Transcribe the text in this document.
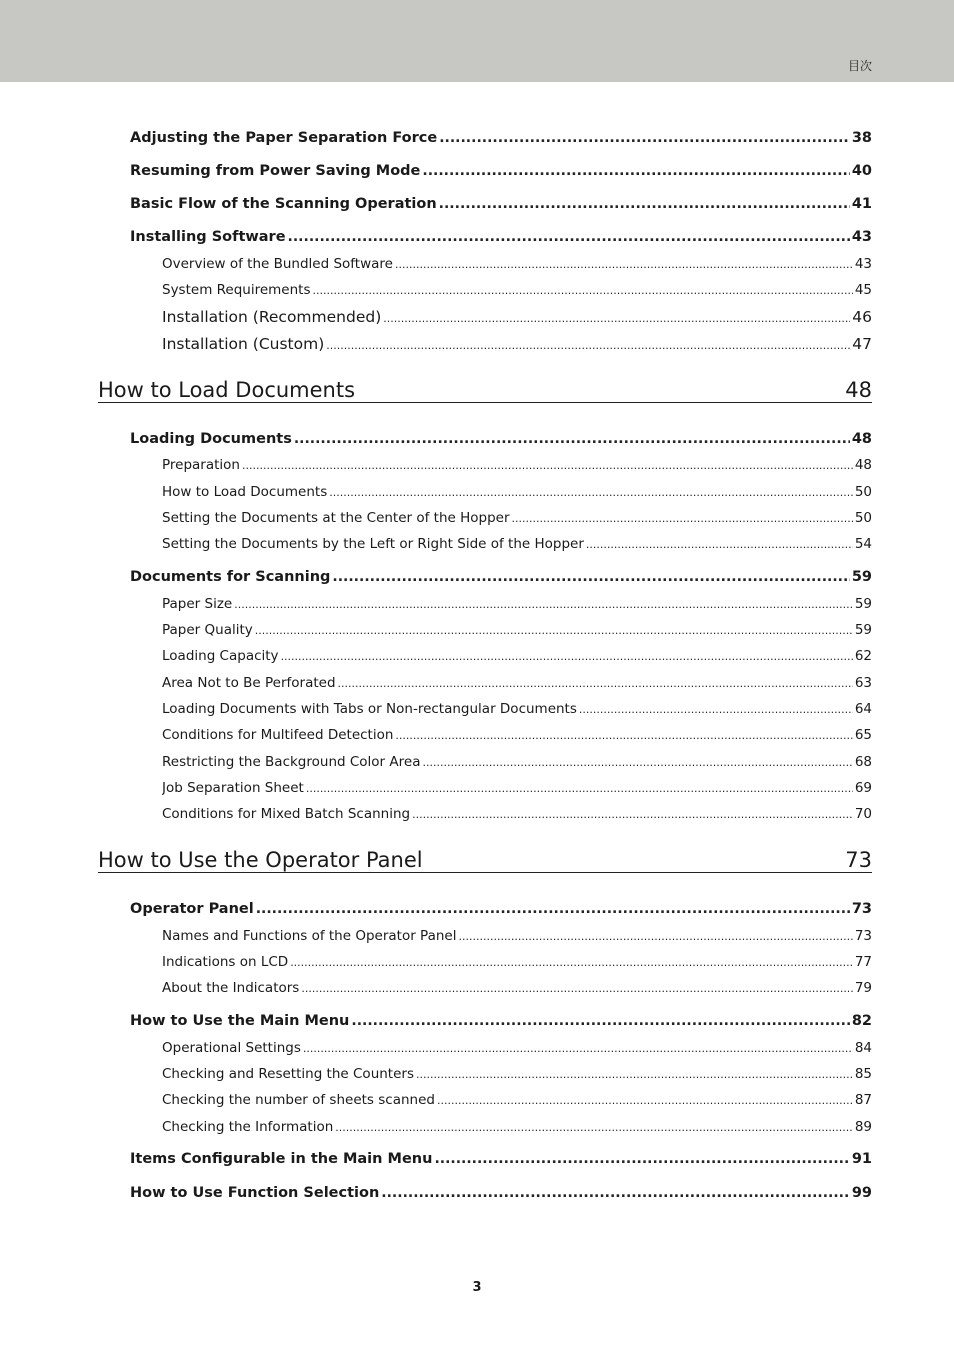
目次
Adjusting the Paper Separation Force .....	38
Resuming from Power Saving Mode .....	40
Basic Flow of the Scanning Operation .....	41
Installing Software .....	43
Overview of the Bundled Software .....	43
System Requirements .....	45
Installation (Recommended) .....	46
Installation (Custom) .....	47
How to Load Documents	48
Loading Documents .....	48
Preparation .....	48
How to Load Documents .....	50
Setting the Documents at the Center of the Hopper .....	50
Setting the Documents by the Left or Right Side of the Hopper .....	54
Documents for Scanning .....	59
Paper Size .....	59
Paper Quality .....	59
Loading Capacity .....	62
Area Not to Be Perforated .....	63
Loading Documents with Tabs or Non-rectangular Documents .....	64
Conditions for Multifeed Detection .....	65
Restricting the Background Color Area .....	68
Job Separation Sheet .....	69
Conditions for Mixed Batch Scanning .....	70
How to Use the Operator Panel	73
Operator Panel .....	73
Names and Functions of the Operator Panel .....	73
Indications on LCD .....	77
About the Indicators .....	79
How to Use the Main Menu .....	82
Operational Settings .....	84
Checking and Resetting the Counters .....	85
Checking the number of sheets scanned .....	87
Checking the Information .....	89
Items Configurable in the Main Menu .....	91
How to Use Function Selection .....	99
3
